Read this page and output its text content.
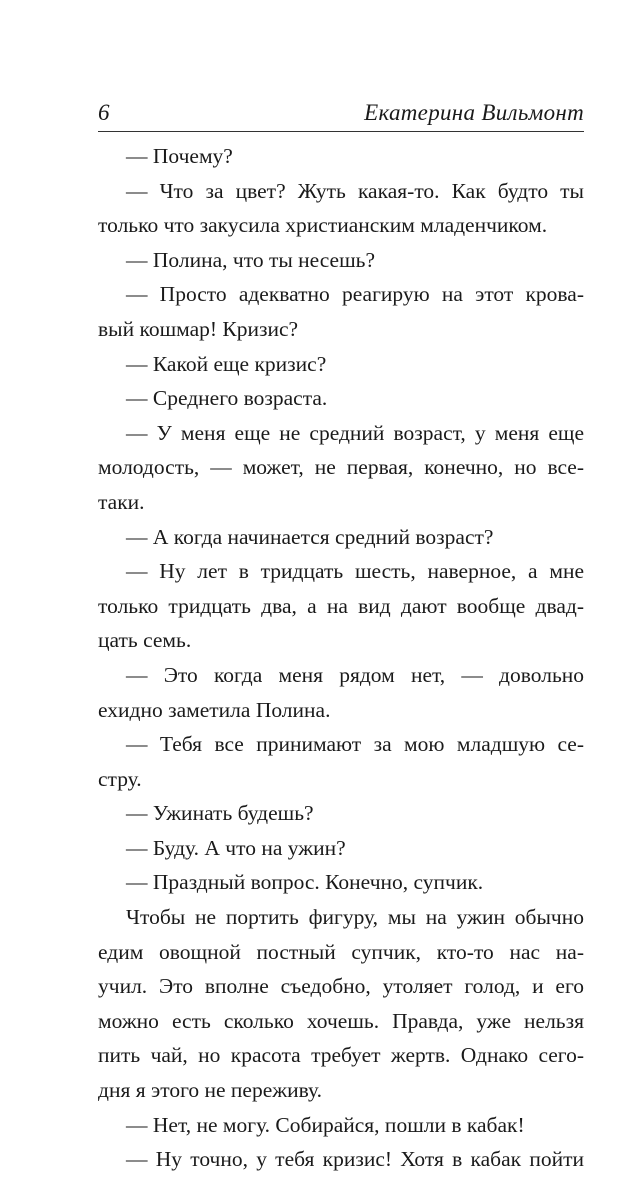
6	Екатерина Вильмонт
— Почему?
— Что за цвет? Жуть какая-то. Как будто ты
только что закусила христианским младенчиком.
— Полина, что ты несешь?
— Просто адекватно реагирую на этот крова-
вый кошмар! Кризис?
— Какой еще кризис?
— Среднего возраста.
— У меня еще не средний возраст, у меня еще
молодость, — может, не первая, конечно, но все-
таки.
— А когда начинается средний возраст?
— Ну лет в тридцать шесть, наверное, а мне
только тридцать два, а на вид дают вообще двад-
цать семь.
— Это когда меня рядом нет, — довольно
ехидно заметила Полина.
— Тебя все принимают за мою младшую се-
стру.
— Ужинать будешь?
— Буду. А что на ужин?
— Праздный вопрос. Конечно, супчик.
Чтобы не портить фигуру, мы на ужин обычно
едим овощной постный супчик, кто-то нас на-
учил. Это вполне съедобно, утоляет голод, и его
можно есть сколько хочешь. Правда, уже нельзя
пить чай, но красота требует жертв. Однако сего-
дня я этого не переживу.
— Нет, не могу. Собирайся, пошли в кабак!
— Ну точно, у тебя кризис! Хотя в кабак пойти
